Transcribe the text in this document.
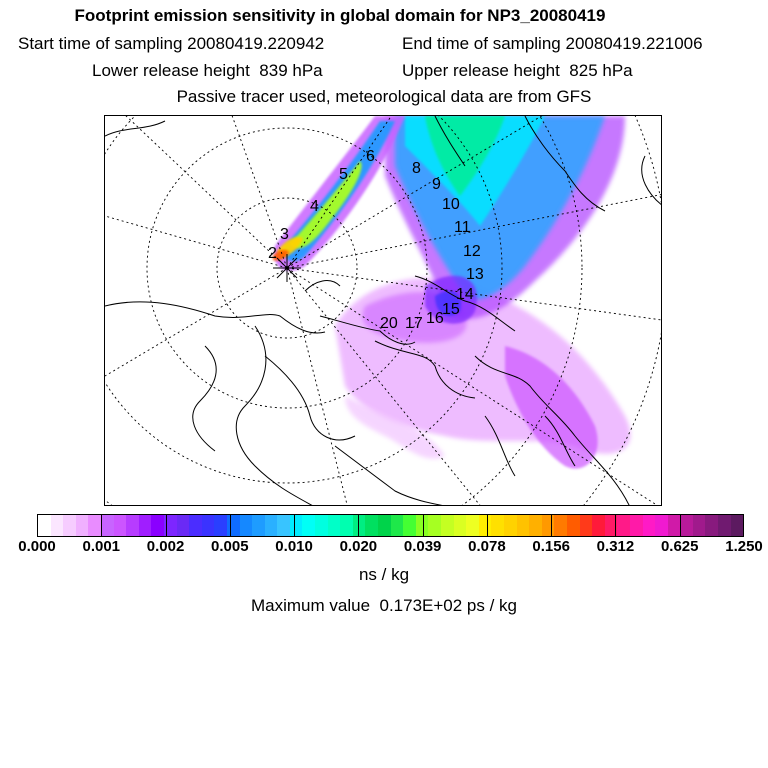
Footprint emission sensitivity in global domain for NP3_20080419
Start time of sampling 20080419.220942	End time of sampling 20080419.221006
Lower release height 839 hPa	Upper release height 825 hPa
Passive tracer used, meteorological data are from GFS
5
6
8
9
4	10
11
12
13
14
15
16
17
20
3
2
0.000 0.001 0.002 0.005 0.010 0.020 0.039 0.078 0.156 0.312 0.625 1.250
ns / kg
Maximum value 0.173E+02 ps / kg
